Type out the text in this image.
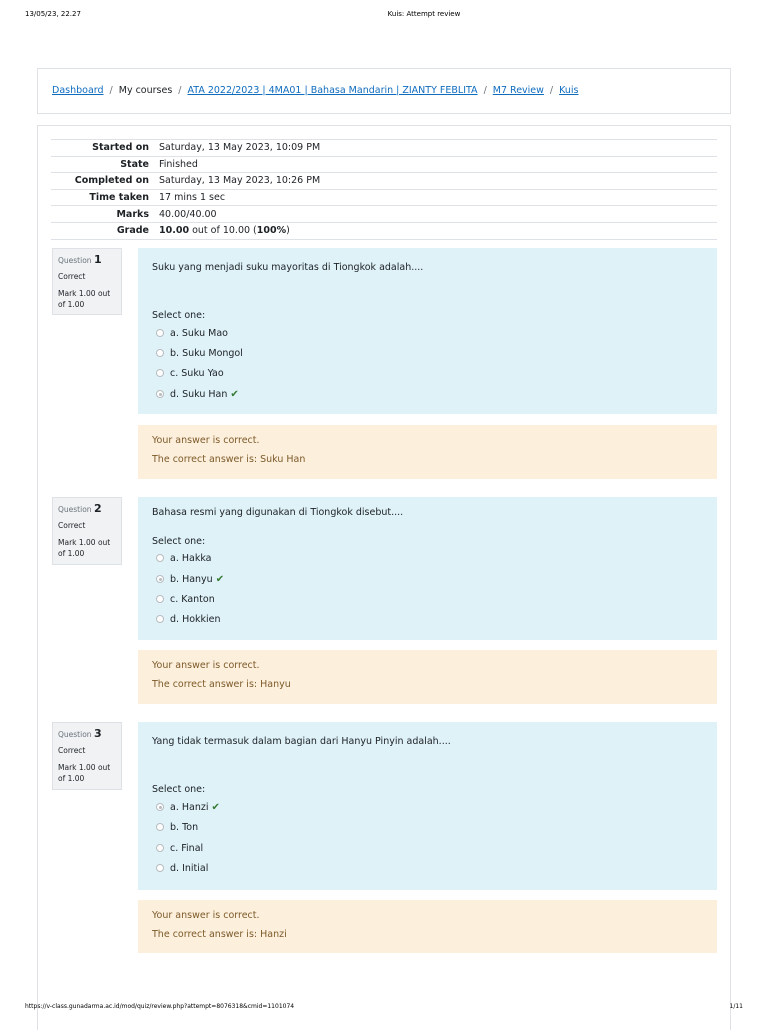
13/05/23, 22.27	Kuis: Attempt review
Dashboard / My courses / ATA 2022/2023 | 4MA01 | Bahasa Mandarin | ZIANTY FEBLITA / M7 Review / Kuis
Started on	Saturday, 13 May 2023, 10:09 PM
State	Finished
Completed on	Saturday, 13 May 2023, 10:26 PM
Time taken	17 mins 1 sec
Marks	40.00/40.00
Grade	10.00 out of 10.00 (100%)
Question 1
Correct
Mark 1.00 out of 1.00
Suku yang menjadi suku mayoritas di Tiongkok adalah....
Select one:
a. Suku Mao
b. Suku Mongol
c. Suku Yao
d. Suku Han ✔
Your answer is correct.
The correct answer is: Suku Han
Question 2
Correct
Mark 1.00 out of 1.00
Bahasa resmi yang digunakan di Tiongkok disebut....
Select one:
a. Hakka
b. Hanyu ✔
c. Kanton
d. Hokkien
Your answer is correct.
The correct answer is: Hanyu
Question 3
Correct
Mark 1.00 out of 1.00
Yang tidak termasuk dalam bagian dari Hanyu Pinyin adalah....
Select one:
a. Hanzi ✔
b. Ton
c. Final
d. Initial
Your answer is correct.
The correct answer is: Hanzi
https://v-class.gunadarma.ac.id/mod/quiz/review.php?attempt=8076318&cmid=1101074	1/11
